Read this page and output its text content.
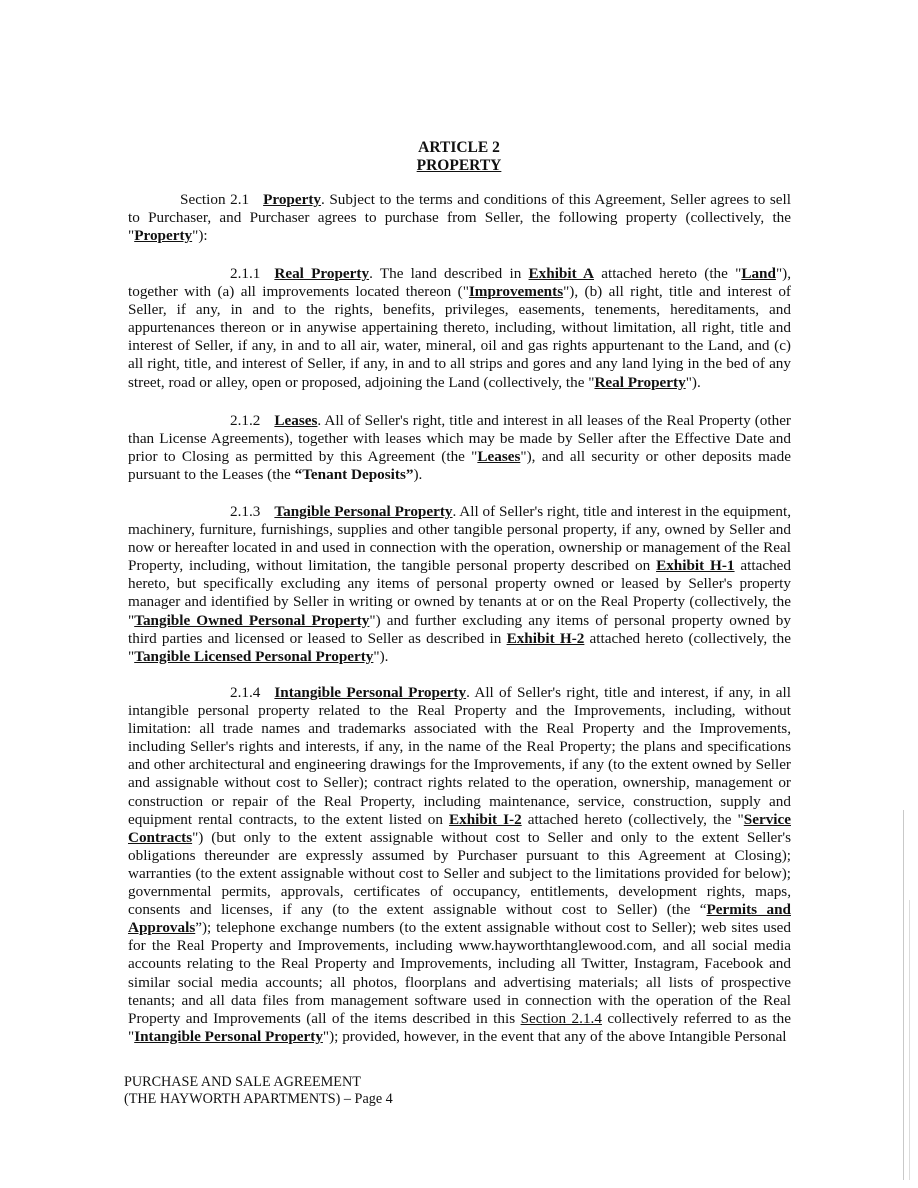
ARTICLE 2
PROPERTY

Section 2.1 Property. Subject to the terms and conditions of this Agreement, Seller agrees to sell to Purchaser, and Purchaser agrees to purchase from Seller, the following property (collectively, the "Property"):

2.1.1 Real Property. The land described in Exhibit A attached hereto (the "Land"), together with (a) all improvements located thereon ("Improvements"), (b) all right, title and interest of Seller, if any, in and to the rights, benefits, privileges, easements, tenements, hereditaments, and appurtenances thereon or in anywise appertaining thereto, including, without limitation, all right, title and interest of Seller, if any, in and to all air, water, mineral, oil and gas rights appurtenant to the Land, and (c) all right, title, and interest of Seller, if any, in and to all strips and gores and any land lying in the bed of any street, road or alley, open or proposed, adjoining the Land (collectively, the "Real Property").

2.1.2 Leases. All of Seller's right, title and interest in all leases of the Real Property (other than License Agreements), together with leases which may be made by Seller after the Effective Date and prior to Closing as permitted by this Agreement (the "Leases"), and all security or other deposits made pursuant to the Leases (the “Tenant Deposits”).

2.1.3 Tangible Personal Property. All of Seller's right, title and interest in the equipment, machinery, furniture, furnishings, supplies and other tangible personal property, if any, owned by Seller and now or hereafter located in and used in connection with the operation, ownership or management of the Real Property, including, without limitation, the tangible personal property described on Exhibit H-1 attached hereto, but specifically excluding any items of personal property owned or leased by Seller's property manager and identified by Seller in writing or owned by tenants at or on the Real Property (collectively, the "Tangible Owned Personal Property") and further excluding any items of personal property owned by third parties and licensed or leased to Seller as described in Exhibit H-2 attached hereto (collectively, the "Tangible Licensed Personal Property").

2.1.4 Intangible Personal Property. All of Seller's right, title and interest, if any, in all intangible personal property related to the Real Property and the Improvements, including, without limitation: all trade names and trademarks associated with the Real Property and the Improvements, including Seller's rights and interests, if any, in the name of the Real Property; the plans and specifications and other architectural and engineering drawings for the Improvements, if any (to the extent owned by Seller and assignable without cost to Seller); contract rights related to the operation, ownership, management or construction or repair of the Real Property, including maintenance, service, construction, supply and equipment rental contracts, to the extent listed on Exhibit I-2 attached hereto (collectively, the "Service Contracts") (but only to the extent assignable without cost to Seller and only to the extent Seller's obligations thereunder are expressly assumed by Purchaser pursuant to this Agreement at Closing); warranties (to the extent assignable without cost to Seller and subject to the limitations provided for below); governmental permits, approvals, certificates of occupancy, entitlements, development rights, maps, consents and licenses, if any (to the extent assignable without cost to Seller) (the “Permits and Approvals”); telephone exchange numbers (to the extent assignable without cost to Seller); web sites used for the Real Property and Improvements, including www.hayworthtanglewood.com, and all social media accounts relating to the Real Property and Improvements, including all Twitter, Instagram, Facebook and similar social media accounts; all photos, floorplans and advertising materials; all lists of prospective tenants; and all data files from management software used in connection with the operation of the Real Property and Improvements (all of the items described in this Section 2.1.4 collectively referred to as the "Intangible Personal Property"); provided, however, in the event that any of the above Intangible Personal

PURCHASE AND SALE AGREEMENT
(THE HAYWORTH APARTMENTS) – Page 4
